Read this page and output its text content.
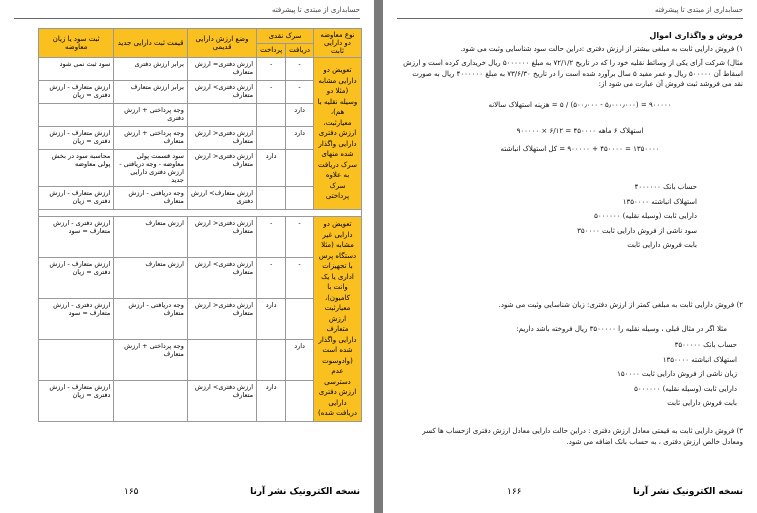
حسابداری از مبتدی تا پیشرفته
نوع معاوضه دو دارایی ثابت	سرک نقدی		وضع ارزش دارایی قدیمی	قیمت ثبت دارایی جدید	ثبت سود یا زیان معاوضه
	دریافت	پرداخت			
تعویض دو دارایی مشابه (مثلا دو وسیله نقلیه با هم)، معیارثبت، ارزش دفتری دارایی واگذار شده منهای سرک دریافت به علاوه سرک پرداختی	-	-	ارزش دفتری= ارزش متعارف	برابر ارزش دفتری	سود ثبت نمی شود
	-	-	ارزش دفتری> ارزش متعارف	برابر ارزش متعارف	ارزش متعارف - ارزش دفتری = زیان
	دارد			وجه پرداختی + ارزش دفتری	
	دارد		ارزش دفتری< ارزش متعارف	وجه پرداختی + ارزش متعارف	ارزش متعارف - ارزش دفتری = زیان
		دارد	ارزش دفتری< ارزش متعارف	سود قسمت پولی معاوضه - وجه دریافتی - ارزش دفتری دارایی جدید	محاسبه سود در بخش پولی معاوضه
			ارزش متعارف> ارزش دفتری	وجه دریافتی - ارزش متعارف	ارزش متعارف - ارزش دفتری = زیان

تعویض دو دارایی غیر مشابه (مثلا دستگاه پرس با تجهیزات اداری یا یک وانت با کامیون)، معیارثبت ارزش متعارف دارایی واگذار شده است (وادوسوت عدم دسترسی ارزش دفتری دارایی دریافت شده)	-	-	ارزش دفتری< ارزش متعارف	ارزش متعارف	ارزش دفتری - ارزش متعارف = سود
	-	-	ارزش دفتری> ارزش متعارف	ارزش متعارف	ارزش متعارف - ارزش دفتری = زیان
		دارد	ارزش دفتری< ارزش متعارف	وجه دریافتی - ارزش متعارف	ارزش دفتری - ارزش متعارف = سود
	دارد			وجه پرداختی + ارزش متعارف	
		دارد	ارزش دفتری> ارزش متعارف		ارزش متعارف - ارزش دفتری = زیان
نسخه الکترونیک نشر آرنا
۱۶۵
حسابداری از مبتدی تا پیشرفته
فروش و واگذاری اموال
۱) فروش دارایی ثابت به مبلغی بیشتر از ارزش دفتری :دراین حالت سود شناسایی وثبت می شود.
مثال) شرکت آرای یکی از وسائط نقلیه خود را که در تاریخ ۷۲/۱/۲ به مبلغ ۵۰۰۰۰۰۰ ریال خریداری کرده است و ارزش اسقاط آن ۵۰۰۰۰۰ ریال و عمر مفید ۵ سال برآورد شده است را در تاریخ ۷۳/۶/۳۰ به مبلغ ۴۰۰۰۰۰۰ ریال به صورت نقد می فروشد ثبت فروش آن عبارت می شود از:
۹۰۰۰۰۰ = (۵٫۰۰۰٫۰۰۰ - ۵۰۰٫۰۰۰) / ۵ = هزینه استهلاک سالانه
استهلاک ۶ ماهه ۴۵۰۰۰۰ = ۶/۱۲ × ۹۰۰۰۰۰
۱۳۵۰۰۰۰ = ۴۵۰۰۰۰ + ۹۰۰۰۰۰ = کل استهلاک انباشته
حساب بانک ۴۰۰۰۰۰۰
استهلاک انباشته ۱۳۵۰۰۰۰
دارایی ثابت (وسیله نقلیه) ۵۰۰۰۰۰۰
سود ناشی از فروش دارایی ثابت ۳۵۰۰۰۰
بابت فروش دارایی ثابت
۲) فروش دارایی ثابت به مبلغی کمتر از ارزش دفتری: زیان شناسایی وثبت می شود.
مثلا اگر در مثال قبلی ، وسیله نقلیه را ۳۵۰۰۰۰۰ ریال فروخته باشد داریم:
حساب بانک ۳۵۰۰۰۰۰
استهلاک انباشته ۱۳۵۰۰۰۰
زیان ناشی از فروش دارایی ثابت ۱۵۰۰۰۰
دارایی ثابت (وسیله نقلیه) ۵۰۰۰۰۰۰
بابت فروش دارایی ثابت
۳) فروش دارایی ثابت به قیمتی معادل ارزش دفتری : دراین حالت دارایی معادل ارزش دفتری ازحساب ها کسر ومعادل خالص ارزش دفتری ، به حساب بانک اضافه می شود.
نسخه الکترونیک نشر آرنا
۱۶۶
